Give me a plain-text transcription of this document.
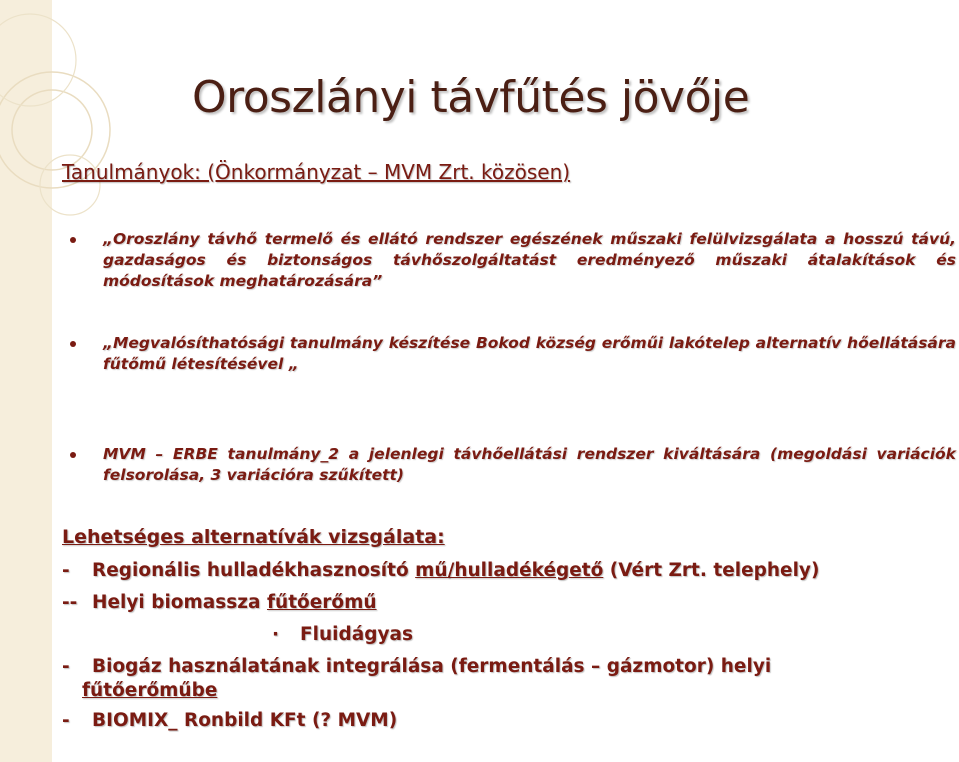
Oroszlányi távfűtés jövője
Tanulmányok: (Önkormányzat – MVM Zrt. közösen)
„Oroszlány távhő termelő és ellátó rendszer egészének műszaki felülvizsgálata a hosszú távú, gazdaságos és biztonságos távhőszolgáltatást eredményező műszaki átalakítások és módosítások meghatározására”
„Megvalósíthatósági tanulmány készítése Bokod község erőműi lakótelep alternatív hőellátására fűtőmű létesítésével „
MVM – ERBE tanulmány_2 a jelenlegi távhőellátási rendszer kiváltására (megoldási variációk felsorolása, 3 variációra szűkített)
Lehetséges alternatívák vizsgálata:
- Regionális hulladékhasznosító mű/hulladékégető (Vért Zrt. telephely)
-- Helyi biomassza fűtőerőmű
· Fluidágyas
- Biogáz használatának integrálása (fermentálás – gázmotor) helyi
fűtőerőműbe
- BIOMIX_ Ronbild KFt (? MVM)
